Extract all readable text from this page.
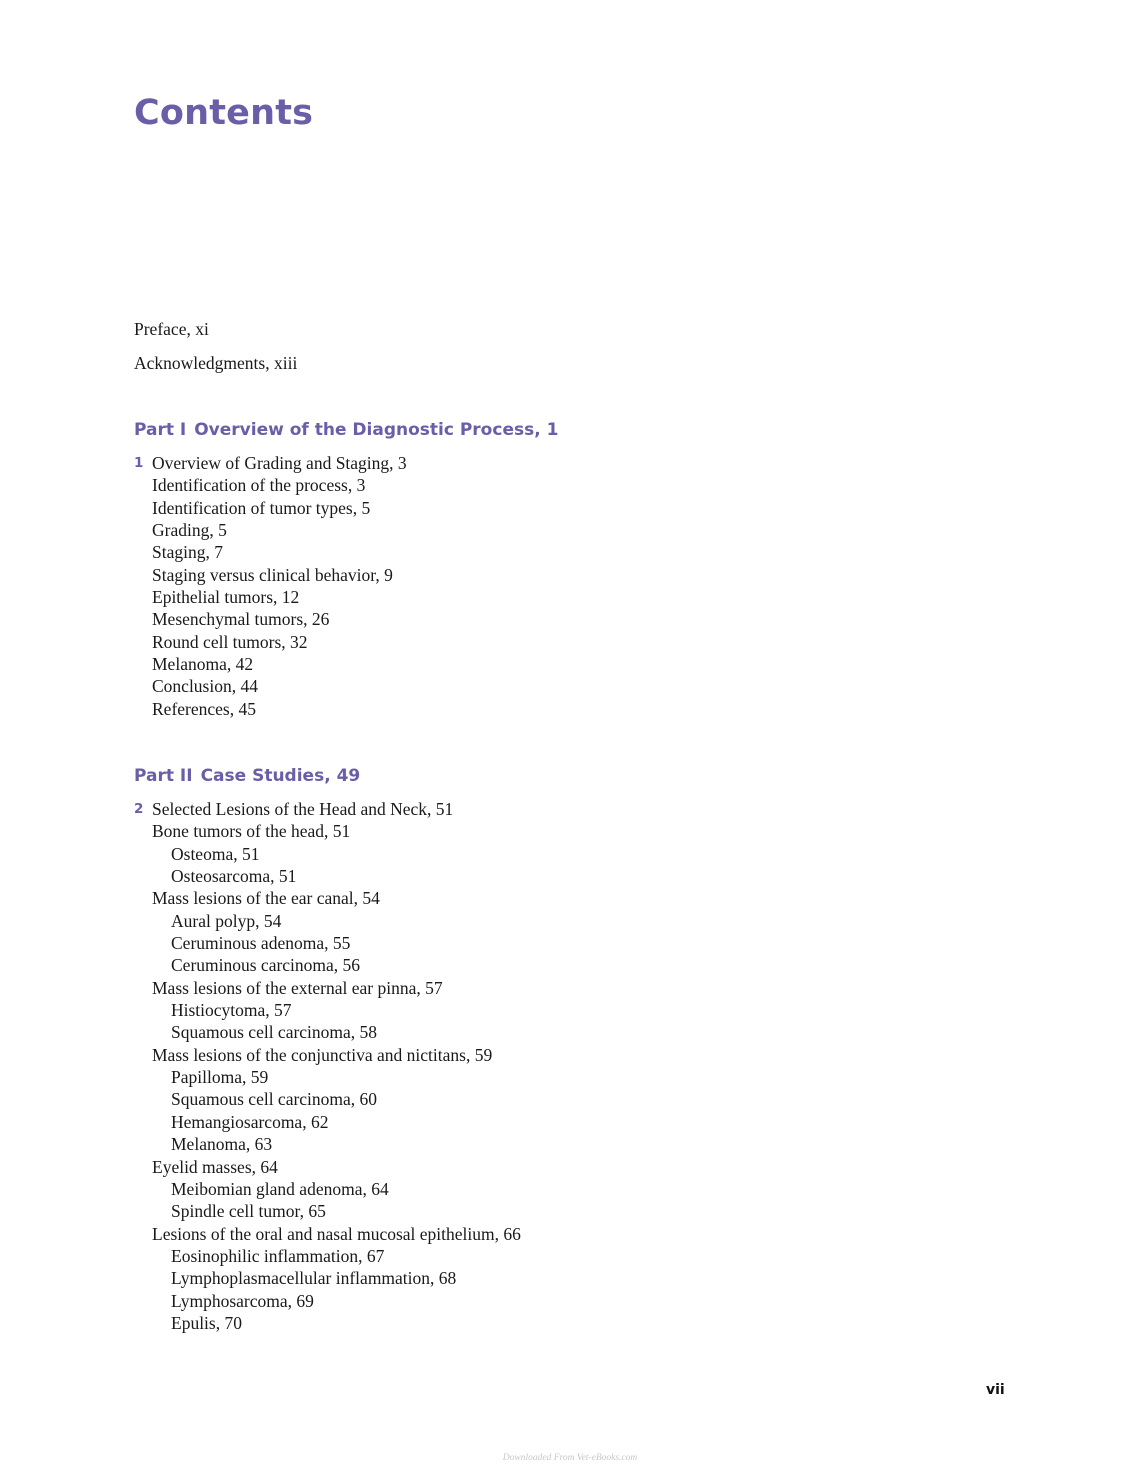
Contents
Preface, xi
Acknowledgments, xiii
Part I Overview of the Diagnostic Process, 1
1 Overview of Grading and Staging, 3
Identification of the process, 3
Identification of tumor types, 5
Grading, 5
Staging, 7
Staging versus clinical behavior, 9
Epithelial tumors, 12
Mesenchymal tumors, 26
Round cell tumors, 32
Melanoma, 42
Conclusion, 44
References, 45
Part II Case Studies, 49
2 Selected Lesions of the Head and Neck, 51
Bone tumors of the head, 51
Osteoma, 51
Osteosarcoma, 51
Mass lesions of the ear canal, 54
Aural polyp, 54
Ceruminous adenoma, 55
Ceruminous carcinoma, 56
Mass lesions of the external ear pinna, 57
Histiocytoma, 57
Squamous cell carcinoma, 58
Mass lesions of the conjunctiva and nictitans, 59
Papilloma, 59
Squamous cell carcinoma, 60
Hemangiosarcoma, 62
Melanoma, 63
Eyelid masses, 64
Meibomian gland adenoma, 64
Spindle cell tumor, 65
Lesions of the oral and nasal mucosal epithelium, 66
Eosinophilic inflammation, 67
Lymphoplasmacellular inflammation, 68
Lymphosarcoma, 69
Epulis, 70
vii
Downloaded From Vet-eBooks.com
